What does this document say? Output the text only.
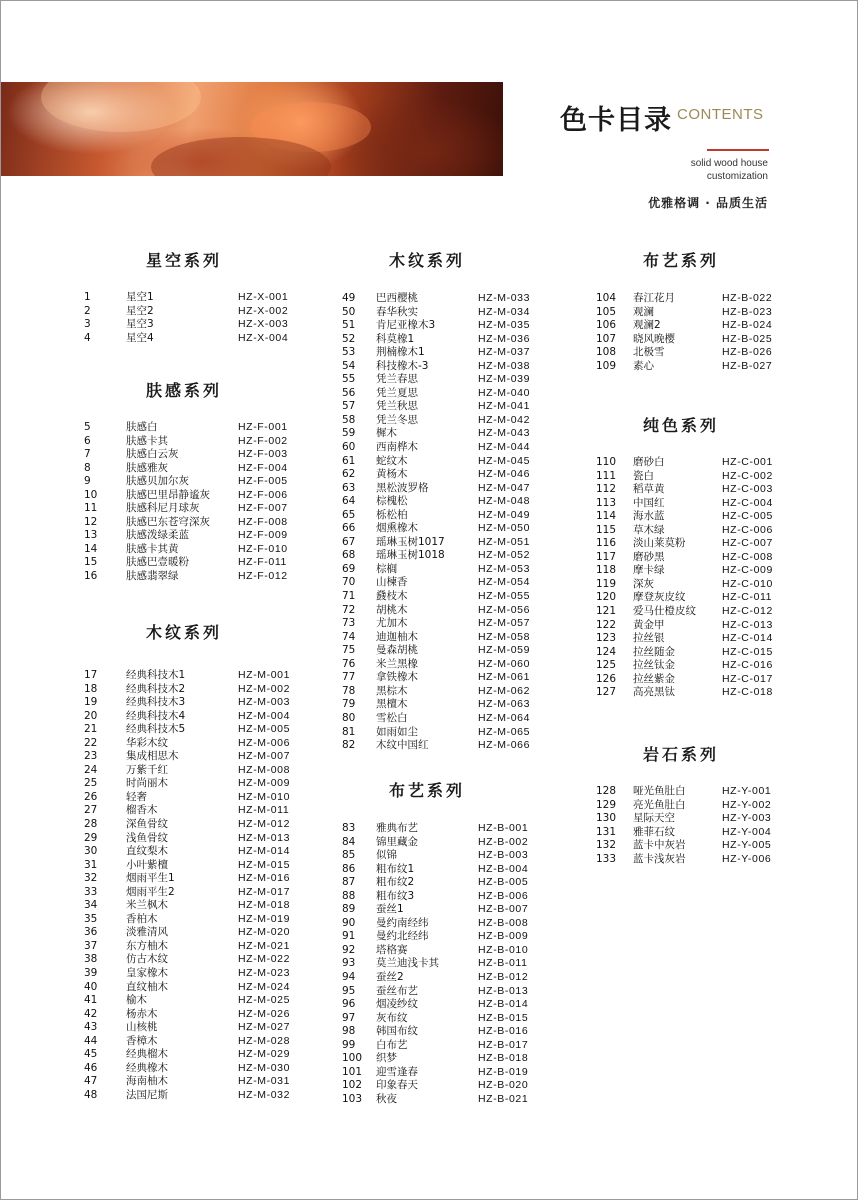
色卡目录 CONTENTS
solid wood house
customization
优雅格调 · 品质生活
星空系列
肤感系列
木纹系列
木纹系列
布艺系列
布艺系列
纯色系列
岩石系列
1	星空1	HZ-X-001
2	星空2	HZ-X-002
3	星空3	HZ-X-003
4	星空4	HZ-X-004
5	肤感白	HZ-F-001
6	肤感卡其	HZ-F-002
7	肤感白云灰	HZ-F-003
8	肤感雅灰	HZ-F-004
9	肤感贝加尔灰	HZ-F-005
10	肤感巴里昂静谧灰	HZ-F-006
11	肤感科尼月球灰	HZ-F-007
12	肤感巴东苍穹深灰	HZ-F-008
13	肤感泼绿柔蓝	HZ-F-009
14	肤感卡其黄	HZ-F-010
15	肤感巴壹暖粉	HZ-F-011
16	肤感翡翠绿	HZ-F-012
17	经典科技木1	HZ-M-001
18	经典科技木2	HZ-M-002
19	经典科技木3	HZ-M-003
20	经典科技木4	HZ-M-004
21	经典科技木5	HZ-M-005
22	华彩木纹	HZ-M-006
23	集成相思木	HZ-M-007
24	万紫千红	HZ-M-008
25	时尚丽木	HZ-M-009
26	轻奢	HZ-M-010
27	榴香木	HZ-M-011
28	深鱼骨纹	HZ-M-012
29	浅鱼骨纹	HZ-M-013
30	直纹梨木	HZ-M-014
31	小叶紫檀	HZ-M-015
32	烟雨平生1	HZ-M-016
33	烟雨平生2	HZ-M-017
34	米兰枫木	HZ-M-018
35	香柏木	HZ-M-019
36	淡雅清风	HZ-M-020
37	东方柚木	HZ-M-021
38	仿古木纹	HZ-M-022
39	皇家橡木	HZ-M-023
40	直纹柚木	HZ-M-024
41	榆木	HZ-M-025
42	杨赤木	HZ-M-026
43	山核桃	HZ-M-027
44	香樟木	HZ-M-028
45	经典榴木	HZ-M-029
46	经典橡木	HZ-M-030
47	海南柚木	HZ-M-031
48	法国尼斯	HZ-M-032
49 巴西樱桃	HZ-M-033
50 春华秋实	HZ-M-034
51 肯尼亚橡木3	HZ-M-035
52 科莫橡1	HZ-M-036
53 荆楠橡木1	HZ-M-037
54 科技橡木-3	HZ-M-038
55 凭兰春思	HZ-M-039
56 凭兰夏思	HZ-M-040
57 凭兰秋思	HZ-M-041
58 凭兰冬思	HZ-M-042
59 樨木	HZ-M-043
60 西南桦木	HZ-M-044
61 蛇纹木	HZ-M-045
62 黄杨木	HZ-M-046
63 黑松波罗格	HZ-M-047
64 棕槐松	HZ-M-048
65 栎松柏	HZ-M-049
66 烟熏橡木	HZ-M-050
67 瑶琳玉树1017	HZ-M-051
68 瑶琳玉树1018	HZ-M-052
69 棕榈	HZ-M-053
70 山楝香	HZ-M-054
71 鼗枝木	HZ-M-055
72 胡桃木	HZ-M-056
73 尤加木	HZ-M-057
74 迪迦柚木	HZ-M-058
75 曼森胡桃	HZ-M-059
76 米兰黑橡	HZ-M-060
77 拿铁橡木	HZ-M-061
78 黑棕木	HZ-M-062
79 黑檀木	HZ-M-063
80 雪松白	HZ-M-064
81 如雨如尘	HZ-M-065
82 木纹中国红	HZ-M-066
83 雅典布艺	HZ-B-001
84 锦里藏金	HZ-B-002
85 似锦	HZ-B-003
86 粗布纹1	HZ-B-004
87 粗布纹2	HZ-B-005
88 粗布纹3	HZ-B-006
89 蚕丝1	HZ-B-007
90 曼约南经纬	HZ-B-008
91 曼约北经纬	HZ-B-009
92 塔格赛	HZ-B-010
93 莫兰迪浅卡其	HZ-B-011
94 蚕丝2	HZ-B-012
95 蚕丝布艺	HZ-B-013
96 烟凌纱纹	HZ-B-014
97 灰布纹	HZ-B-015
98 韩国布纹	HZ-B-016
99 白布艺	HZ-B-017
100 织梦	HZ-B-018
101 迎雪逢春	HZ-B-019
102 印象春天	HZ-B-020
103 秋夜	HZ-B-021
104 春江花月	HZ-B-022
105 观澜	HZ-B-023
106 观澜2	HZ-B-024
107 晓风晚樱	HZ-B-025
108 北极雪	HZ-B-026
109 素心	HZ-B-027
110 磨砂白	HZ-C-001
111 瓷白	HZ-C-002
112 稻草黄	HZ-C-003
113 中国红	HZ-C-004
114 海水蓝	HZ-C-005
115 草木绿	HZ-C-006
116 淡山莱莫粉	HZ-C-007
117 磨砂黑	HZ-C-008
118 摩卡绿	HZ-C-009
119 深灰	HZ-C-010
120 摩登灰皮纹	HZ-C-011
121 爱马仕橙皮纹 HZ-C-012
122 黄金甲	HZ-C-013
123 拉丝银	HZ-C-014
124 拉丝随金	HZ-C-015
125 拉丝钛金	HZ-C-016
126 拉丝紫金	HZ-C-017
127 高亮黑钛	HZ-C-018
128 哑光鱼肚白	HZ-Y-001
129 亮光鱼肚白	HZ-Y-002
130 星际天空	HZ-Y-003
131 雅菲石纹	HZ-Y-004
132 蓝卡中灰岩	HZ-Y-005
133 蓝卡浅灰岩	HZ-Y-006
